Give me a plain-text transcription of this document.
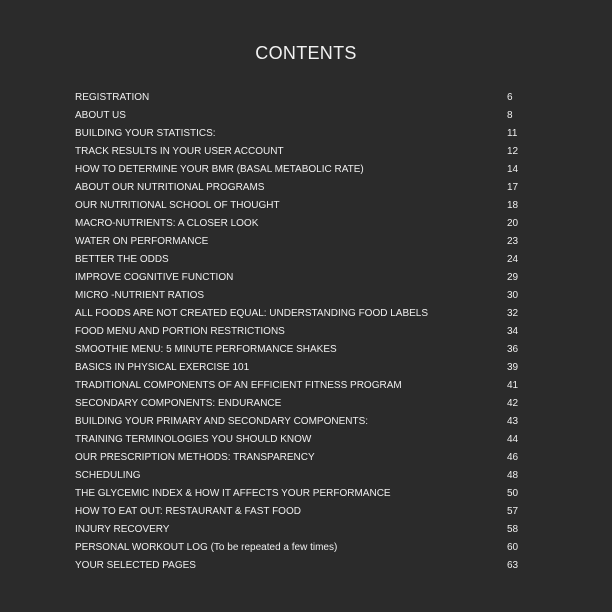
CONTENTS
REGISTRATION	6
ABOUT US	8
BUILDING YOUR STATISTICS:	11
TRACK RESULTS IN YOUR USER ACCOUNT	12
HOW TO DETERMINE YOUR BMR (BASAL METABOLIC RATE)	14
ABOUT OUR NUTRITIONAL PROGRAMS	17
OUR NUTRITIONAL SCHOOL OF THOUGHT	18
MACRO-NUTRIENTS: A CLOSER LOOK	20
WATER ON PERFORMANCE	23
BETTER THE ODDS	24
IMPROVE COGNITIVE FUNCTION	29
MICRO -NUTRIENT RATIOS	30
ALL FOODS ARE NOT CREATED EQUAL: UNDERSTANDING FOOD LABELS	32
FOOD MENU AND PORTION RESTRICTIONS	34
SMOOTHIE MENU: 5 MINUTE PERFORMANCE SHAKES	36
BASICS IN PHYSICAL EXERCISE 101	39
TRADITIONAL COMPONENTS OF AN EFFICIENT FITNESS PROGRAM	41
SECONDARY COMPONENTS: ENDURANCE	42
BUILDING YOUR PRIMARY AND SECONDARY COMPONENTS:	43
TRAINING TERMINOLOGIES YOU SHOULD KNOW	44
OUR PRESCRIPTION METHODS: TRANSPARENCY	46
SCHEDULING	48
THE GLYCEMIC INDEX & HOW IT AFFECTS YOUR PERFORMANCE	50
HOW TO EAT OUT: RESTAURANT & FAST FOOD	57
INJURY RECOVERY	58
PERSONAL WORKOUT LOG (To be repeated a few times)	60
YOUR SELECTED PAGES	63
